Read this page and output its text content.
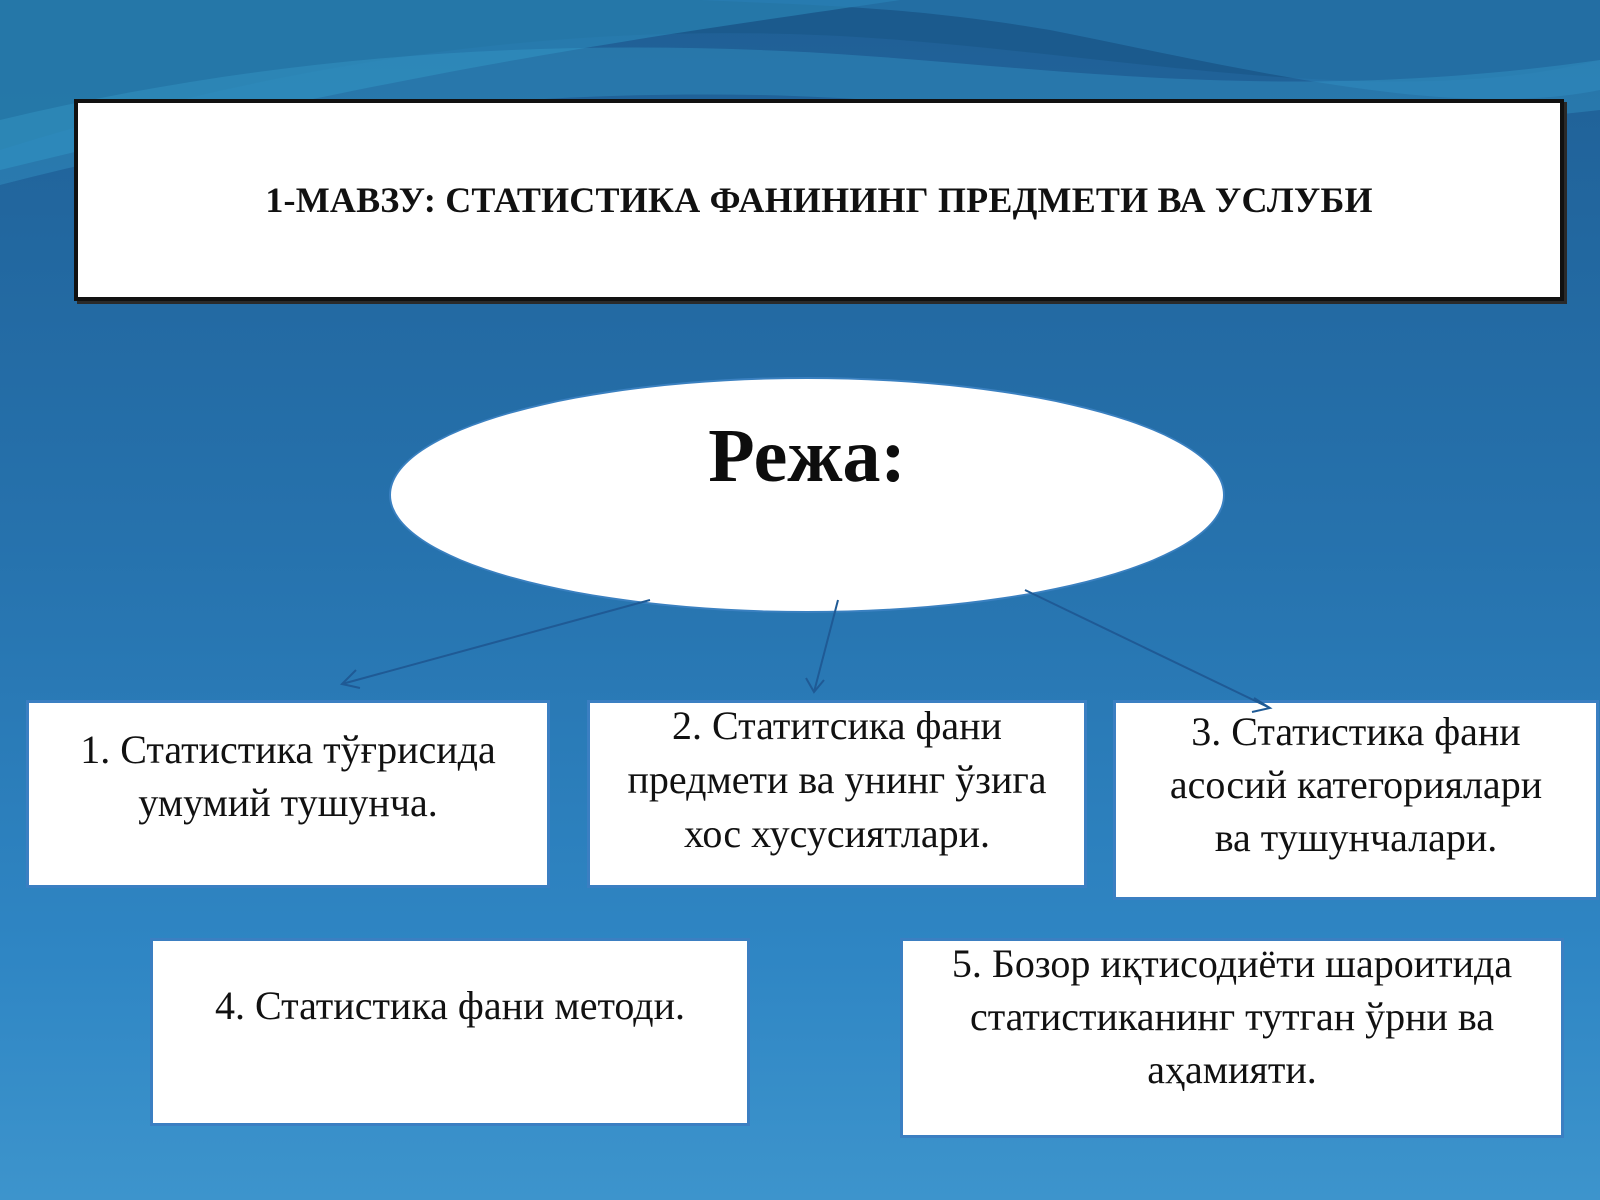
1-МАВЗУ: СТАТИСТИКА ФАНИНИНГ ПРЕДМЕТИ ВА УСЛУБИ
Режа:
1. Статистика тўғрисида
умумий тушунча.
2. Статитсика фани
предмети ва унинг ўзига
хос хусусиятлари.
3. Статистика фани
асосий категориялари
ва тушунчалари.
4. Статистика фани методи.
5. Бозор иқтисодиёти шароитида
статистиканинг тутган ўрни ва
аҳамияти.
